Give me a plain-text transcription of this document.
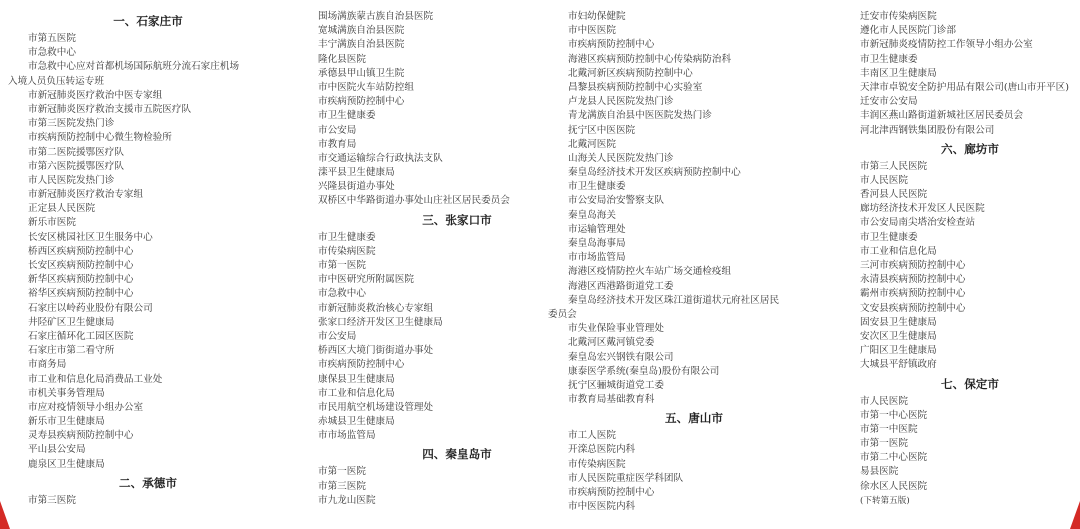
一、石家庄市
市第五医院
市急救中心
市急救中心应对首都机场国际航班分流石家庄机场
入境人员负压转运专班
市新冠肺炎医疗救治中医专家组
市新冠肺炎医疗救治支援市五院医疗队
市第三医院发热门诊
市疾病预防控制中心微生物检验所
市第二医院援鄂医疗队
市第六医院援鄂医疗队
市人民医院发热门诊
市新冠肺炎医疗救治专家组
正定县人民医院
新乐市医院
长安区桃园社区卫生服务中心
桥西区疾病预防控制中心
长安区疾病预防控制中心
新华区疾病预防控制中心
裕华区疾病预防控制中心
石家庄以岭药业股份有限公司
井陉矿区卫生健康局
石家庄循环化工园区医院
石家庄市第二看守所
市商务局
市工业和信息化局消费品工业处
市机关事务管理局
市应对疫情领导小组办公室
新乐市卫生健康局
灵寿县疾病预防控制中心
平山县公安局
鹿泉区卫生健康局
二、承德市
市第三医院
围场满族蒙古族自治县医院
宽城满族自治县医院
丰宁满族自治县医院
隆化县医院
承德县甲山镇卫生院
市中医院火车站防控组
市疾病预防控制中心
市卫生健康委
市公安局
市教育局
市交通运输综合行政执法支队
滦平县卫生健康局
兴隆县街道办事处
双桥区中华路街道办事处山庄社区居民委员会
三、张家口市
市卫生健康委
市传染病医院
市第一医院
市中医研究所附属医院
市急救中心
市新冠肺炎救治核心专家组
张家口经济开发区卫生健康局
市公安局
桥西区大境门街街道办事处
市疾病预防控制中心
康保县卫生健康局
市工业和信息化局
市民用航空机场建设管理处
赤城县卫生健康局
市市场监管局
四、秦皇岛市
市第一医院
市第三医院
市九龙山医院
市妇幼保健院
市中医医院
市疾病预防控制中心
海港区疾病预防控制中心传染病防治科
北戴河新区疾病预防控制中心
昌黎县疾病预防控制中心实验室
卢龙县人民医院发热门诊
青龙满族自治县中医医院发热门诊
抚宁区中医医院
北戴河医院
山海关人民医院发热门诊
秦皇岛经济技术开发区疾病预防控制中心
市卫生健康委
市公安局治安警察支队
秦皇岛海关
市运输管理处
秦皇岛海事局
市市场监管局
海港区疫情防控火车站广场交通检疫组
海港区西港路街道党工委
秦皇岛经济技术开发区珠江道街道状元府社区居民
委员会
市失业保险事业管理处
北戴河区戴河镇党委
秦皇岛宏兴钢铁有限公司
康泰医学系统(秦皇岛)股份有限公司
抚宁区骊城街道党工委
市教育局基础教育科
五、唐山市
市工人医院
开滦总医院内科
市传染病医院
市人民医院重症医学科团队
市疾病预防控制中心
市中医医院内科
迁安市传染病医院
遵化市人民医院门诊部
市新冠肺炎疫情防控工作领导小组办公室
市卫生健康委
丰南区卫生健康局
天津市卓锐安全防护用品有限公司(唐山市开平区)
迁安市公安局
丰润区燕山路街道新城社区居民委员会
河北津西钢铁集团股份有限公司
六、廊坊市
市第三人民医院
市人民医院
香河县人民医院
廊坊经济技术开发区人民医院
市公安局南尖塔治安检查站
市卫生健康委
市工业和信息化局
三河市疾病预防控制中心
永清县疾病预防控制中心
霸州市疾病预防控制中心
文安县疾病预防控制中心
固安县卫生健康局
安次区卫生健康局
广阳区卫生健康局
大城县平舒镇政府
七、保定市
市人民医院
市第一中心医院
市第一中医院
市第一医院
市第二中心医院
易县医院
徐水区人民医院
(下转第五版)
